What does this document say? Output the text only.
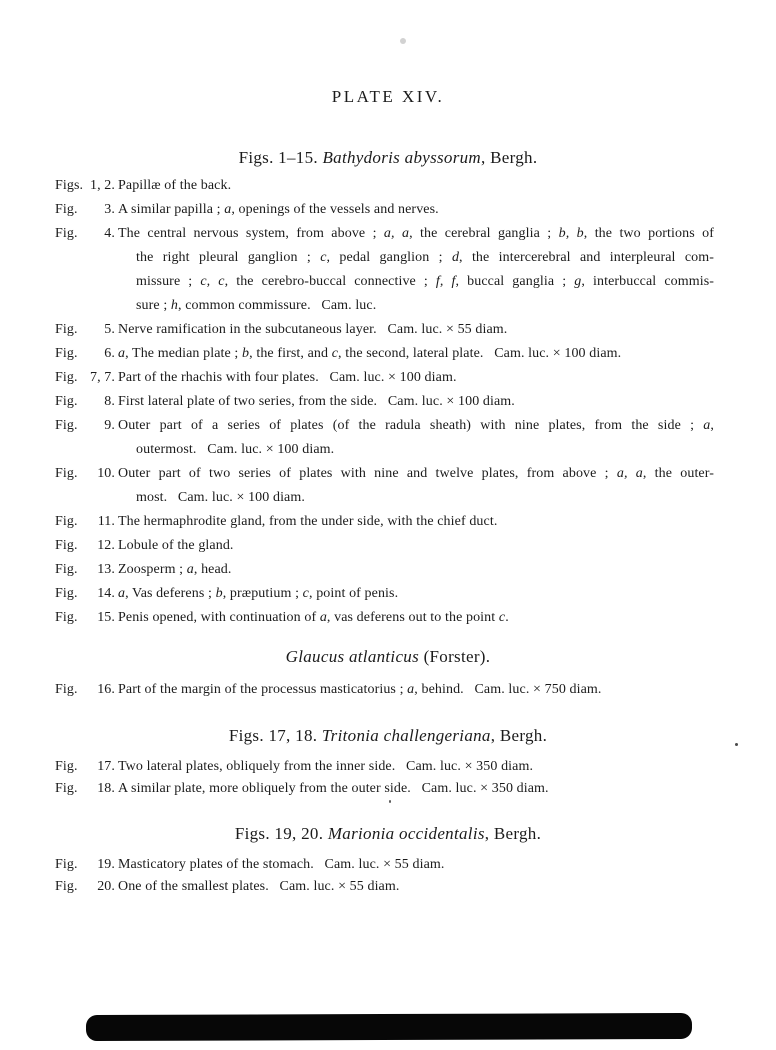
PLATE XIV.
Figs. 1–15. Bathydoris abyssorum, Bergh.
Figs. 1, 2. Papillæ of the back.
Fig. 3. A similar papilla ; a, openings of the vessels and nerves.
Fig. 4. The central nervous system, from above ; a, a, the cerebral ganglia ; b, b, the two portions of
the right pleural ganglion ; c, pedal ganglion ; d, the intercerebral and interpleural com-
missure ; c, c, the cerebro-buccal connective ; f, f, buccal ganglia ; g, interbuccal commis-
sure ; h, common commissure.  Cam. luc.
Fig. 5. Nerve ramification in the subcutaneous layer.  Cam. luc. × 55 diam.
Fig. 6. a, The median plate ; b, the first, and c, the second, lateral plate.  Cam. luc. × 100 diam.
Fig. 7, 7. Part of the rhachis with four plates.  Cam. luc. × 100 diam.
Fig. 8. First lateral plate of two series, from the side.  Cam. luc. × 100 diam.
Fig. 9. Outer part of a series of plates (of the radula sheath) with nine plates, from the side ; a,
outermost.  Cam. luc. × 100 diam.
Fig. 10. Outer part of two series of plates with nine and twelve plates, from above ; a, a, the outer-
most.  Cam. luc. × 100 diam.
Fig. 11. The hermaphrodite gland, from the under side, with the chief duct.
Fig. 12. Lobule of the gland.
Fig. 13. Zoosperm ; a, head.
Fig. 14. a, Vas deferens ; b, præputium ; c, point of penis.
Fig. 15. Penis opened, with continuation of a, vas deferens out to the point c.
Glaucus atlanticus (Forster).
Fig. 16. Part of the margin of the processus masticatorius ; a, behind.  Cam. luc. × 750 diam.
Figs. 17, 18. Tritonia challengeriana, Bergh.
Fig. 17. Two lateral plates, obliquely from the inner side.  Cam. luc. × 350 diam.
Fig. 18. A similar plate, more obliquely from the outer side.  Cam. luc. × 350 diam.
Figs. 19, 20. Marionia occidentalis, Bergh.
Fig. 19. Masticatory plates of the stomach.  Cam. luc. × 55 diam.
Fig. 20. One of the smallest plates.  Cam. luc. × 55 diam.
